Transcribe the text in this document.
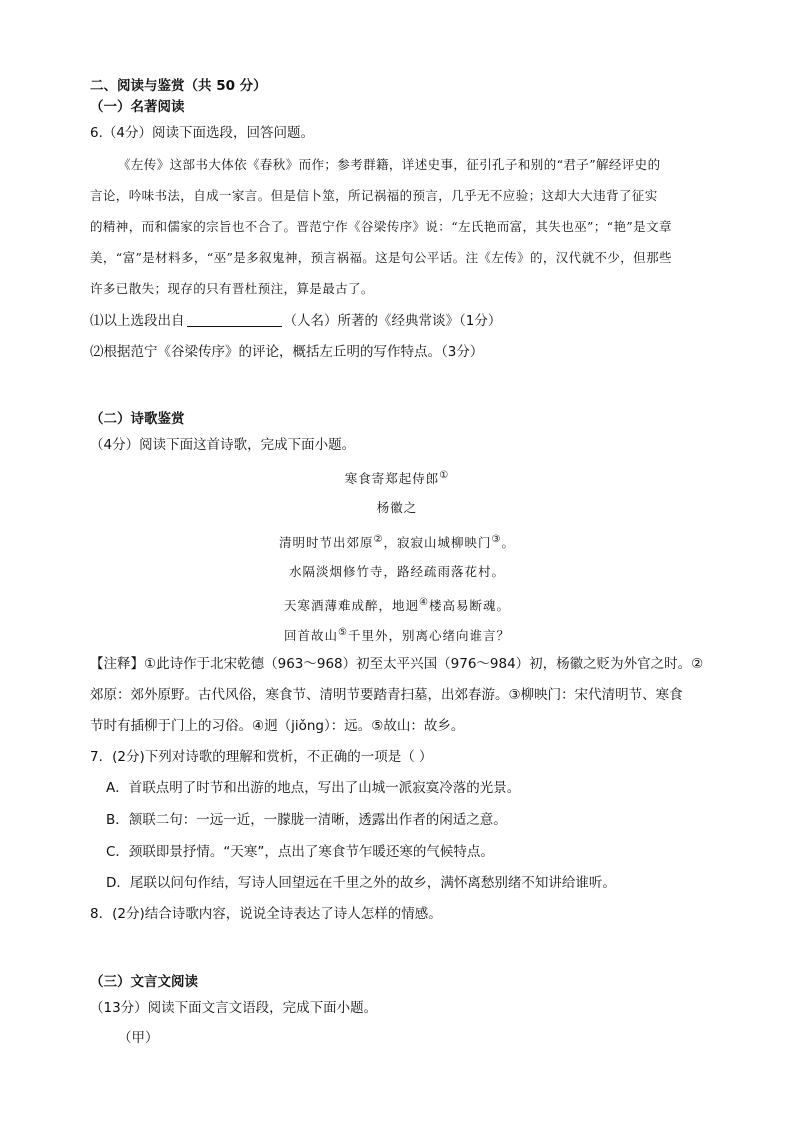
二、阅读与鉴赏（共 50 分）
（一）名著阅读
6.（4分）阅读下面选段，回答问题。
《左传》这部书大体依《春秋》而作；参考群籍，详述史事，征引孔子和别的“君子”解经评史的
言论，吟味书法，自成一家言。但是信卜筮，所记祸福的预言，几乎无不应验；这却大大违背了征实
的精神，而和儒家的宗旨也不合了。晋范宁作《谷梁传序》说：“左氏艳而富，其失也巫”；“艳”是文章
美，“富”是材料多，“巫”是多叙鬼神，预言祸福。这是句公平话。注《左传》的，汉代就不少，但那些
许多已散失；现存的只有晋杜预注，算是最古了。
⑴以上选段出自	（人名）所著的《经典常谈》（1分）
⑵根据范宁《谷梁传序》的评论，概括左丘明的写作特点。（3分）
（二）诗歌鉴赏
（4分）阅读下面这首诗歌，完成下面小题。
寒食寄郑起侍郎①
杨徽之
清明时节出郊原②，寂寂山城柳映门③。
水隔淡烟修竹寺，路经疏雨落花村。
天寒酒薄难成醉，地迥④楼高易断魂。
回首故山⑤千里外，别离心绪向谁言？
【注释】①此诗作于北宋乾德（963～968）初至太平兴国（976～984）初，杨徽之贬为外官之时。②
郊原：郊外原野。古代风俗，寒食节、清明节要踏青扫墓，出郊春游。③柳映门：宋代清明节、寒食
节时有插柳于门上的习俗。④迥（jiǒng）：远。⑤故山：故乡。
7．(2分)下列对诗歌的理解和赏析，不正确的一项是（ ）
A．首联点明了时节和出游的地点，写出了山城一派寂寞冷落的光景。
B．颔联二句：一远一近，一朦胧一清晰，透露出作者的闲适之意。
C．颈联即景抒情。“天寒”，点出了寒食节乍暖还寒的气候特点。
D．尾联以问句作结，写诗人回望远在千里之外的故乡，满怀离愁别绪不知讲给谁听。
8．(2分)结合诗歌内容，说说全诗表达了诗人怎样的情感。
（三）文言文阅读
（13分）阅读下面文言文语段，完成下面小题。
（甲）
